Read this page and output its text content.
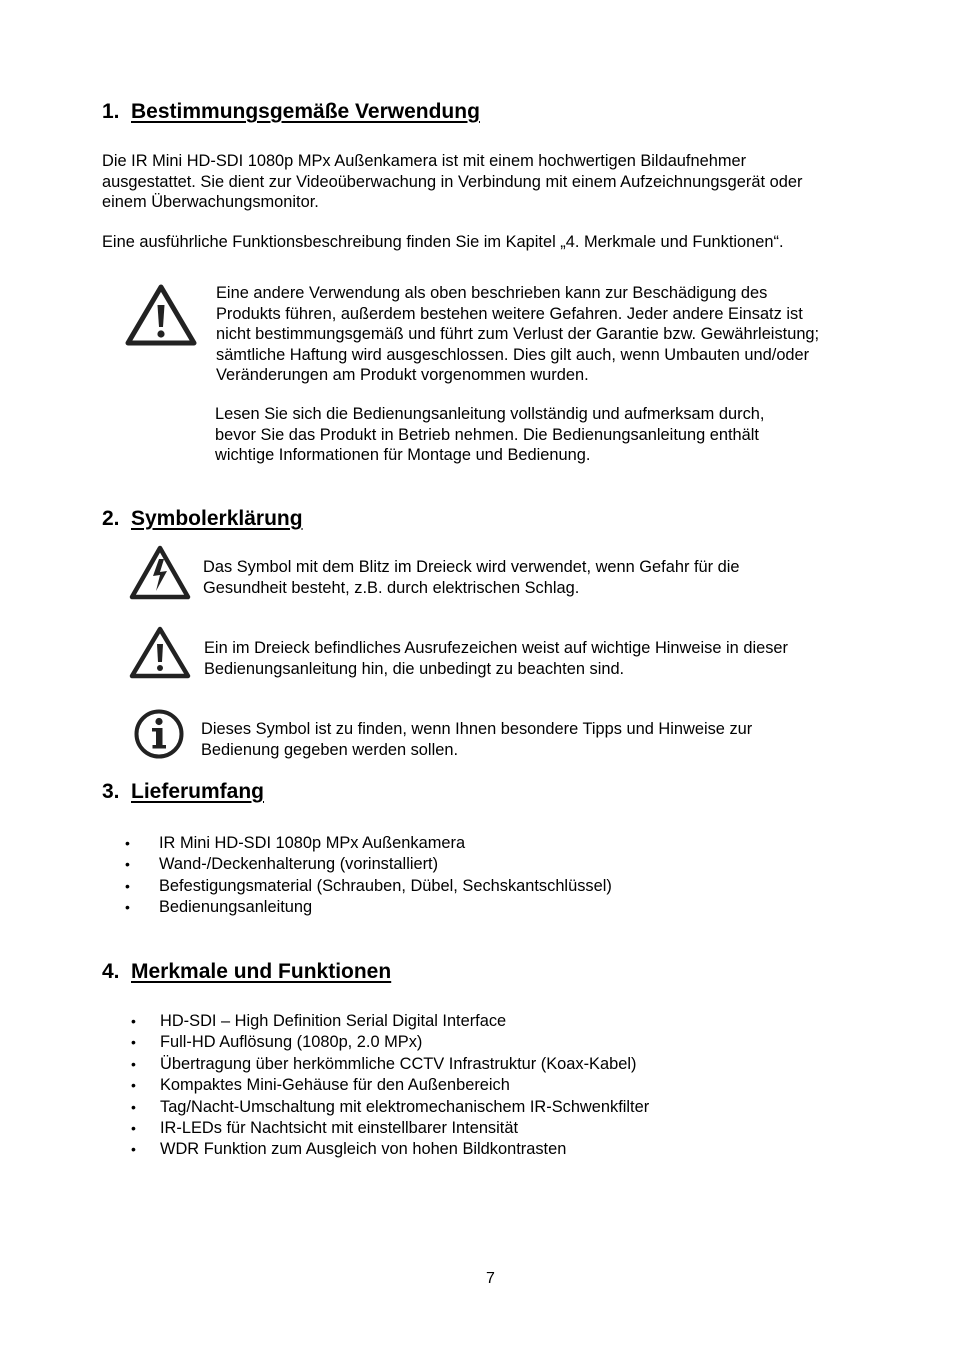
1. Bestimmungsgemäße Verwendung
Die IR Mini HD-SDI 1080p MPx Außenkamera ist mit einem hochwertigen Bildaufnehmer
ausgestattet. Sie dient zur Videoüberwachung in Verbindung mit einem Aufzeichnungsgerät oder
einem Überwachungsmonitor.
Eine ausführliche Funktionsbeschreibung finden Sie im Kapitel „4. Merkmale und Funktionen“.
Eine andere Verwendung als oben beschrieben kann zur Beschädigung des
Produkts führen, außerdem bestehen weitere Gefahren. Jeder andere Einsatz ist
nicht bestimmungsgemäß und führt zum Verlust der Garantie bzw. Gewährleistung;
sämtliche Haftung wird ausgeschlossen. Dies gilt auch, wenn Umbauten und/oder
Veränderungen am Produkt vorgenommen wurden.
Lesen Sie sich die Bedienungsanleitung vollständig und aufmerksam durch,
bevor Sie das Produkt in Betrieb nehmen. Die Bedienungsanleitung enthält
wichtige Informationen für Montage und Bedienung.
2. Symbolerklärung
Das Symbol mit dem Blitz im Dreieck wird verwendet, wenn Gefahr für die
Gesundheit besteht, z.B. durch elektrischen Schlag.
Ein im Dreieck befindliches Ausrufezeichen weist auf wichtige Hinweise in dieser
Bedienungsanleitung hin, die unbedingt zu beachten sind.
Dieses Symbol ist zu finden, wenn Ihnen besondere Tipps und Hinweise zur
Bedienung gegeben werden sollen.
3. Lieferumfang
• IR Mini HD-SDI 1080p MPx Außenkamera
• Wand-/Deckenhalterung (vorinstalliert)
• Befestigungsmaterial (Schrauben, Dübel, Sechskantschlüssel)
• Bedienungsanleitung
4. Merkmale und Funktionen
• HD-SDI – High Definition Serial Digital Interface
• Full-HD Auflösung (1080p, 2.0 MPx)
• Übertragung über herkömmliche CCTV Infrastruktur (Koax-Kabel)
• Kompaktes Mini-Gehäuse für den Außenbereich
• Tag/Nacht-Umschaltung mit elektromechanischem IR-Schwenkfilter
• IR-LEDs für Nachtsicht mit einstellbarer Intensität
• WDR Funktion zum Ausgleich von hohen Bildkontrasten
7
